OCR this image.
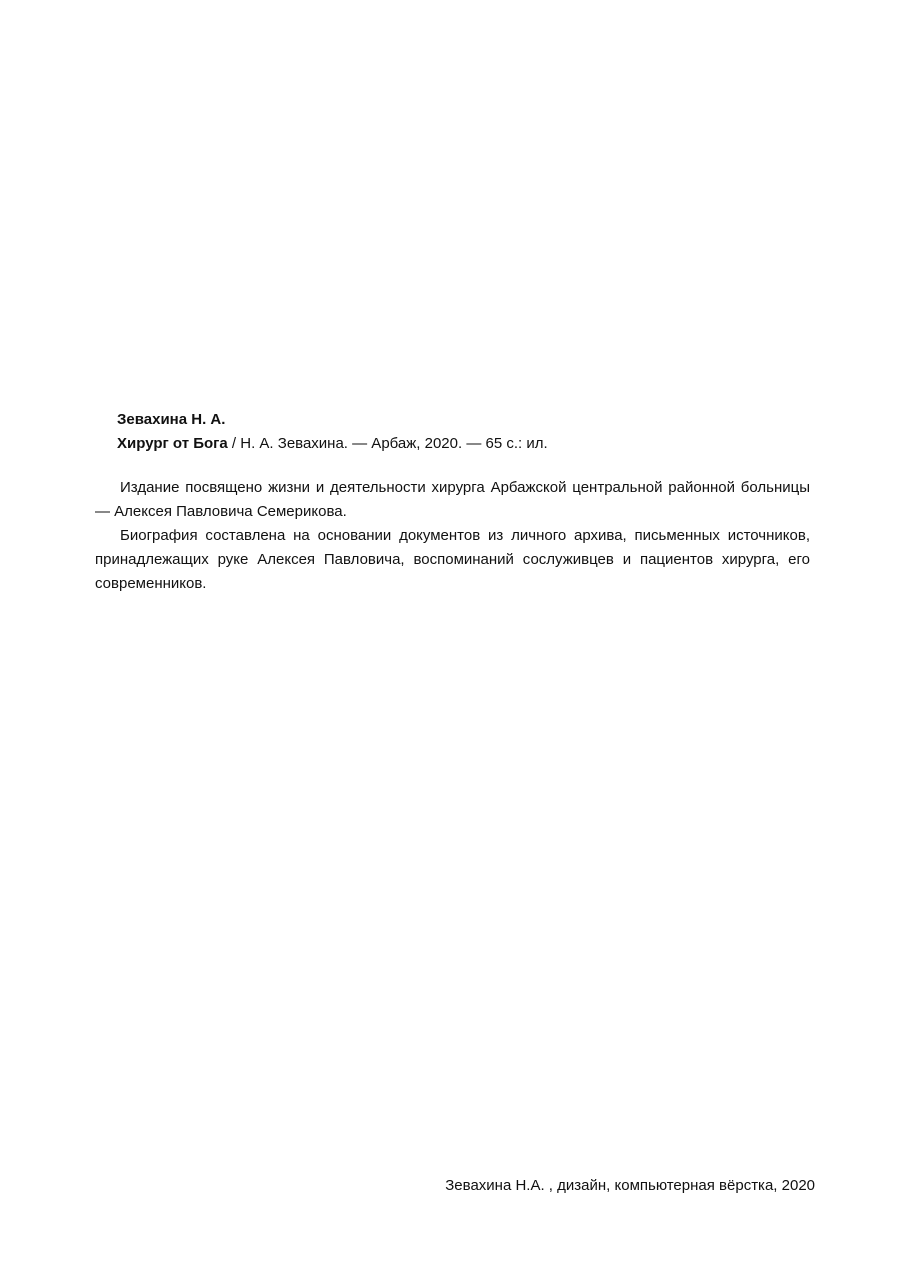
Зевахина Н. А.
Хирург от Бога / Н. А. Зевахина. — Арбаж, 2020. — 65 с.: ил.

Издание посвящено жизни и деятельности хирурга Арбажской центральной районной больницы— Алексея Павловича Семерикова.

Биография составлена на основании документов из личного архива, письменных источников, принадлежащих руке Алексея Павловича, воспоминаний сослуживцев и пациентов хирурга, его современников.

Зевахина Н.А. , дизайн, компьютерная вёрстка, 2020
